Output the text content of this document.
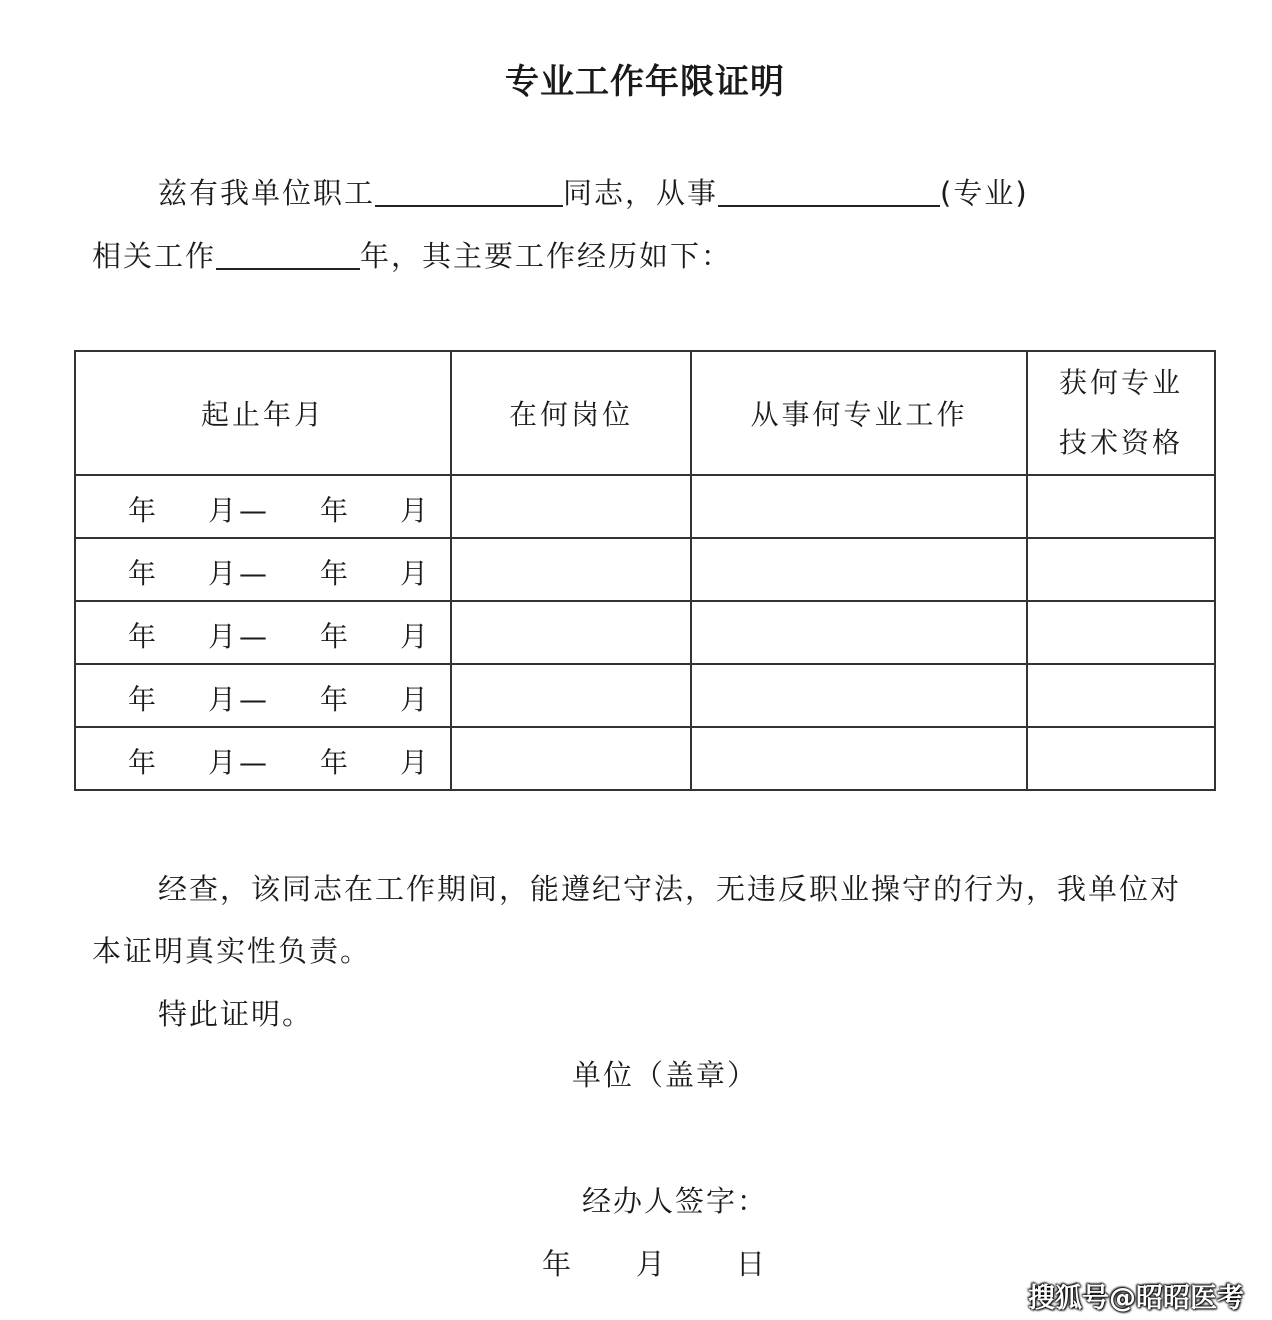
专业工作年限证明
兹有我单位职工	同志，从事	(专业)
相关工作	年，其主要工作经历如下：
起止年月	在何岗位	从事何专业工作	获何专业
技术资格

年 月— 年 月			

年 月— 年 月			

年 月— 年 月			

年 月— 年 月			

年 月— 年 月			

经查，该同志在工作期间，能遵纪守法，无违反职业操守的行为，我单位对
本证明真实性负责。
特此证明。
单位（盖章）
经办人签字：
年 月 日
搜狐号@昭昭医考
